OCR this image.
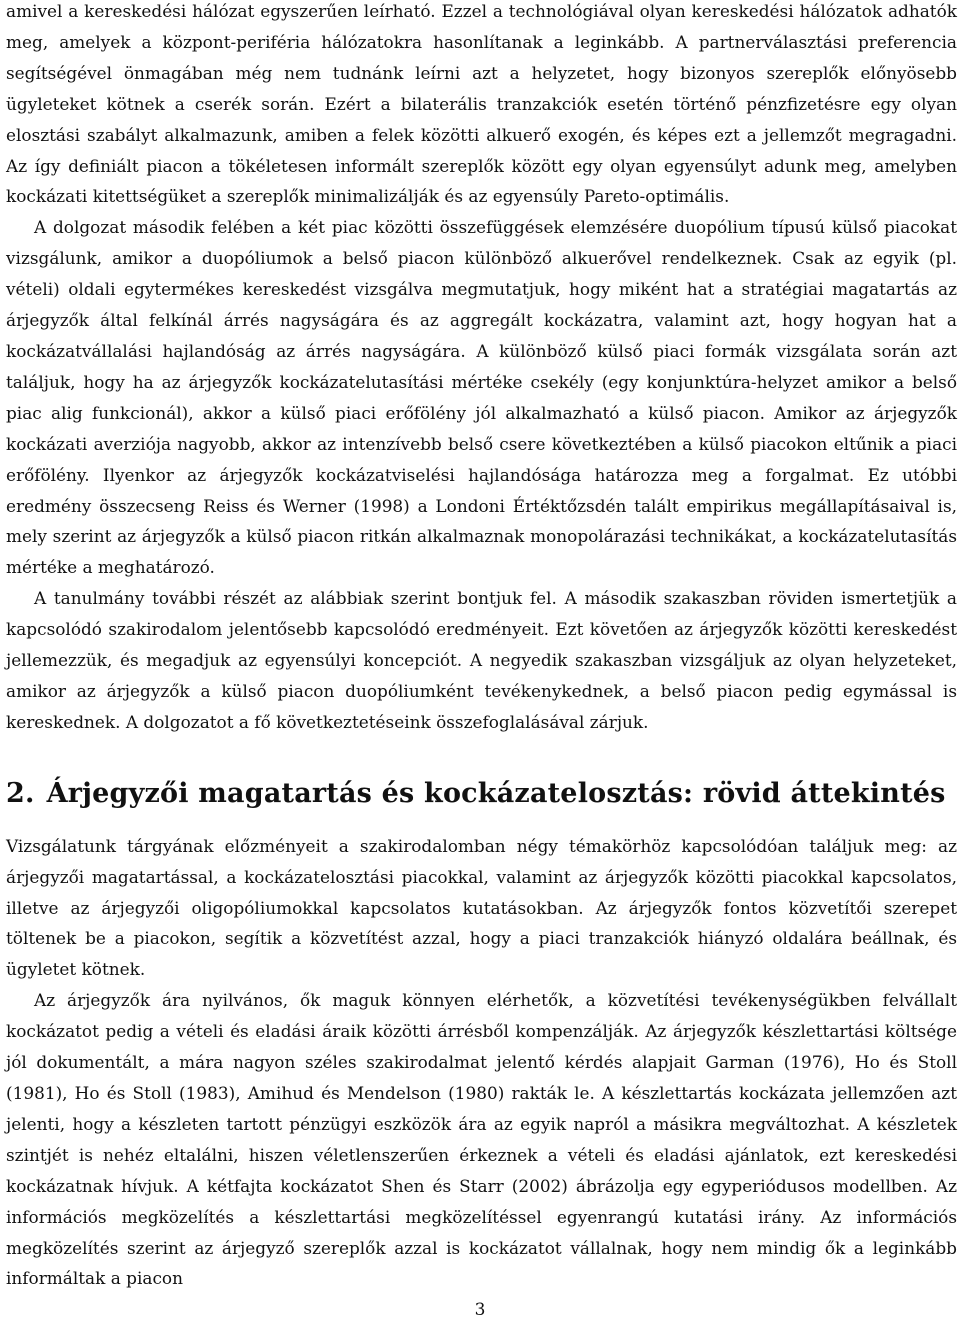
amivel a kereskedési hálózat egyszerűen leírható. Ezzel a technológiával olyan kereskedési hálózatok adhatók meg, amelyek a központ-periféria hálózatokra hasonlítanak a leginkább. A partnerválasztási preferencia segítségével önmagában még nem tudnánk leírni azt a helyzetet, hogy bizonyos szereplők előnyösebb ügyleteket kötnek a cserék során. Ezért a bilaterális tranzakciók esetén történő pénzfizetésre egy olyan elosztási szabályt alkalmazunk, amiben a felek közötti alkuerő exogén, és képes ezt a jellemzőt megragadni. Az így definiált piacon a tökéletesen informált szereplők között egy olyan egyensúlyt adunk meg, amelyben kockázati kitettségüket a szereplők minimalizálják és az egyensúly Pareto-optimális.

A dolgozat második felében a két piac közötti összefüggések elemzésére duopólium típusú külső piacokat vizsgálunk, amikor a duopóliumok a belső piacon különböző alkuerővel rendelkeznek. Csak az egyik (pl. vételi) oldali egytermékes kereskedést vizsgálva megmutatjuk, hogy miként hat a stratégiai magatartás az árjegyzők által felkínál árrés nagyságára és az aggregált kockázatra, valamint azt, hogy hogyan hat a kockázatvállalási hajlandóság az árrés nagyságára. A különböző külső piaci formák vizsgálata során azt találjuk, hogy ha az árjegyzők kockázatelutasítási mértéke csekély (egy konjunktúra-helyzet amikor a belső piac alig funkcionál), akkor a külső piaci erőfölény jól alkalmazható a külső piacon. Amikor az árjegyzők kockázati averziója nagyobb, akkor az intenzívebb belső csere következtében a külső piacokon eltűnik a piaci erőfölény. Ilyenkor az árjegyzők kockázatviselési hajlandósága határozza meg a forgalmat. Ez utóbbi eredmény összecseng Reiss és Werner (1998) a Londoni Értéktőzsdén talált empirikus megállapításaival is, mely szerint az árjegyzők a külső piacon ritkán alkalmaznak monopolárazási technikákat, a kockázatelutasítás mértéke a meghatározó.

A tanulmány további részét az alábbiak szerint bontjuk fel. A második szakaszban röviden ismertetjük a kapcsolódó szakirodalom jelentősebb kapcsolódó eredményeit. Ezt követően az árjegyzők közötti kereskedést jellemezzük, és megadjuk az egyensúlyi koncepciót. A negyedik szakaszban vizsgáljuk az olyan helyzeteket, amikor az árjegyzők a külső piacon duopóliumként tevékenykednek, a belső piacon pedig egymással is kereskednek. A dolgozatot a fő következtetéseink összefoglalásával zárjuk.

2. Árjegyzői magatartás és kockázatelosztás: rövid áttekintés

Vizsgálatunk tárgyának előzményeit a szakirodalomban négy témakörhöz kapcsolódóan találjuk meg: az árjegyzői magatartással, a kockázatelosztási piacokkal, valamint az árjegyzők közötti piacokkal kapcsolatos, illetve az árjegyzői oligopóliumokkal kapcsolatos kutatásokban. Az árjegyzők fontos közvetítői szerepet töltenek be a piacokon, segítik a közvetítést azzal, hogy a piaci tranzakciók hiányzó oldalára beállnak, és ügyletet kötnek.

Az árjegyzők ára nyilvános, ők maguk könnyen elérhetők, a közvetítési tevékenységükben felvállalt kockázatot pedig a vételi és eladási áraik közötti árrésből kompenzálják. Az árjegyzők készlettartási költsége jól dokumentált, a mára nagyon széles szakirodalmat jelentő kérdés alapjait Garman (1976), Ho és Stoll (1981), Ho és Stoll (1983), Amihud és Mendelson (1980) rakták le. A készlettartás kockázata jellemzően azt jelenti, hogy a készleten tartott pénzügyi eszközök ára az egyik napról a másikra megváltozhat. A készletek szintjét is nehéz eltalálni, hiszen véletlenszerűen érkeznek a vételi és eladási ajánlatok, ezt kereskedési kockázatnak hívjuk. A kétfajta kockázatot Shen és Starr (2002) ábrázolja egy egyperiódusos modellben. Az információs megközelítés a készlettartási megközelítéssel egyenrangú kutatási irány. Az információs megközelítés szerint az árjegyző szereplők azzal is kockázatot vállalnak, hogy nem mindig ők a leginkább informáltak a piacon

3
